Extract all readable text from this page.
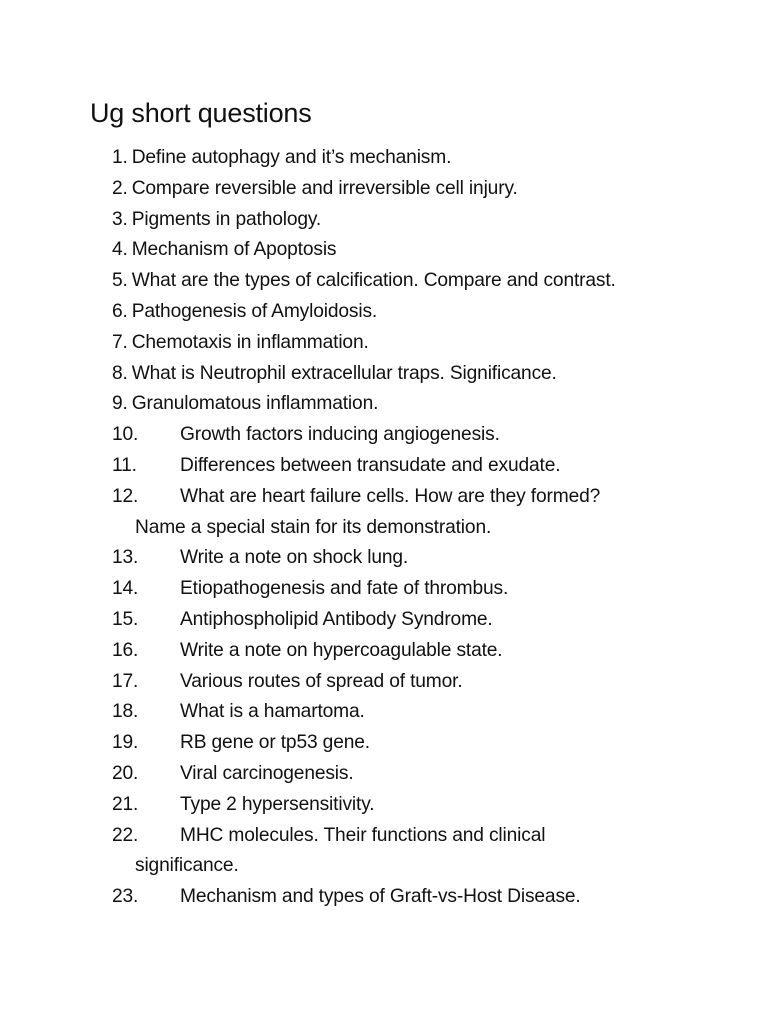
Ug short questions
1. Define autophagy and it’s mechanism.
2. Compare reversible and irreversible cell injury.
3. Pigments in pathology.
4. Mechanism of Apoptosis
5. What are the types of calcification. Compare and contrast.
6. Pathogenesis of Amyloidosis.
7. Chemotaxis in inflammation.
8. What is Neutrophil extracellular traps. Significance.
9. Granulomatous inflammation.
10. Growth factors inducing angiogenesis.
11. Differences between transudate and exudate.
12. What are heart failure cells. How are they formed?
Name a special stain for its demonstration.
13. Write a note on shock lung.
14. Etiopathogenesis and fate of thrombus.
15. Antiphospholipid Antibody Syndrome.
16. Write a note on hypercoagulable state.
17. Various routes of spread of tumor.
18. What is a hamartoma.
19. RB gene or tp53 gene.
20. Viral carcinogenesis.
21. Type 2 hypersensitivity.
22. MHC molecules. Their functions and clinical
significance.
23. Mechanism and types of Graft-vs-Host Disease.
